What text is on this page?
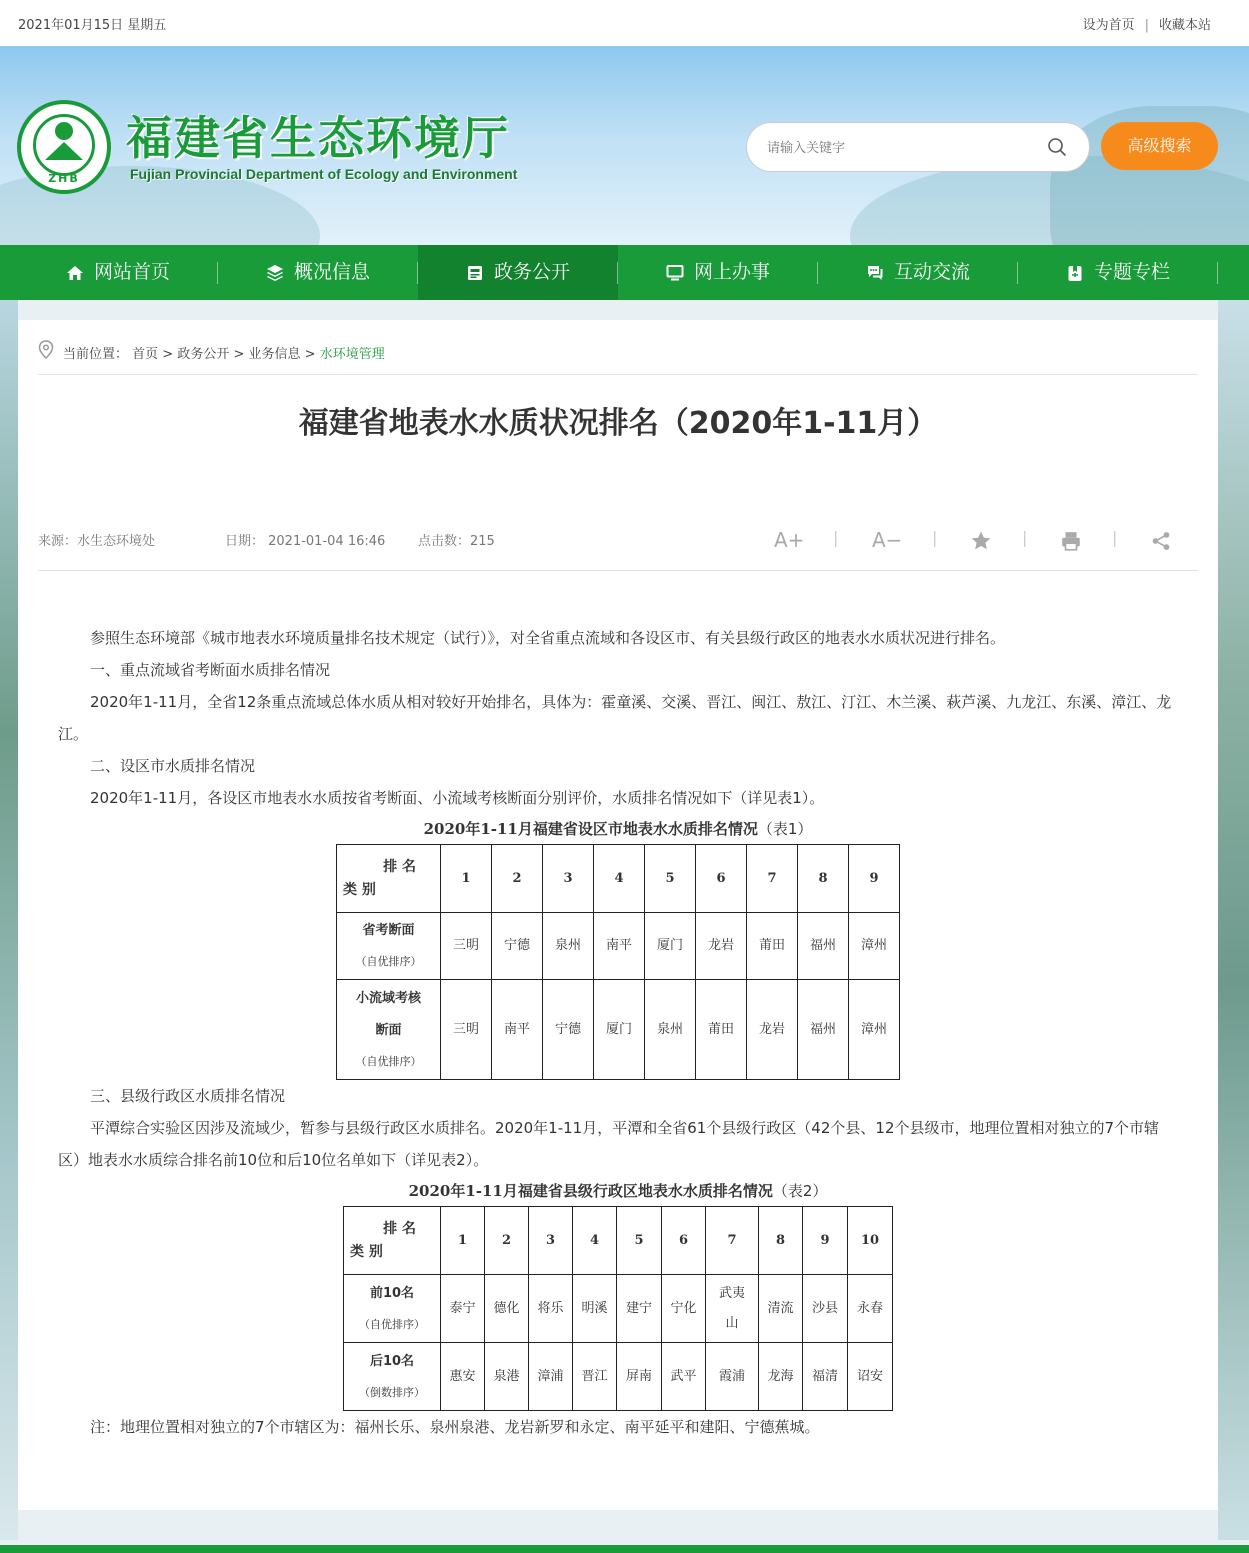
2021年01月15日 星期五	设为首页 | 收藏本站
ZHB
福建省生态环境厅
Fujian Provincial Department of Ecology and Environment
请输入关键字
高级搜索
网站首页	概况信息	政务公开	网上办事	互动交流	专题专栏
当前位置： 首页 > 政务公开 > 业务信息 > 水环境管理
福建省地表水水质状况排名（2020年1-11月）
来源：水生态环境处	日期： 2021-01-04 16:46	点击数：215	A+ | A− |	|	|

参照生态环境部《城市地表水环境质量排名技术规定（试行）》，对全省重点流域和各设区市、有关县级行政区的地表水水质状况进行排名。

一、重点流域省考断面水质排名情况

2020年1-11月，全省12条重点流域总体水质从相对较好开始排名，具体为：霍童溪、交溪、晋江、闽江、敖江、汀江、木兰溪、萩芦溪、九龙江、东溪、漳江、龙江。

二、设区市水质排名情况

2020年1-11月，各设区市地表水水质按省考断面、小流域考核断面分别评价，水质排名情况如下（详见表1）。

2020年1-11月福建省设区市地表水水质排名情况（表1）
排 名
类 别	1	2	3	4	5	6	7	8	9

省考断面
（自优排序）	三明	宁德	泉州	南平	厦门	龙岩	莆田	福州	漳州

小流域考核
断面
（自优排序）	三明	南平	宁德	厦门	泉州	莆田	龙岩	福州	漳州

三、县级行政区水质排名情况

平潭综合实验区因涉及流域少，暂参与县级行政区水质排名。2020年1-11月，平潭和全省61个县级行政区（42个县、12个县级市，地理位置相对独立的7个市辖区）地表水水质综合排名前10位和后10位名单如下（详见表2）。

2020年1-11月福建省县级行政区地表水水质排名情况（表2）
排 名
类 别	1	2	3	4	5	6	7	8	9	10

前10名
（自优排序）	泰宁	德化	将乐	明溪	建宁	宁化	武夷山	清流	沙县	永春

后10名
（倒数排序）	惠安	泉港	漳浦	晋江	屏南	武平	霞浦	龙海	福清	诏安

注：地理位置相对独立的7个市辖区为：福州长乐、泉州泉港、龙岩新罗和永定、南平延平和建阳、宁德蕉城。
